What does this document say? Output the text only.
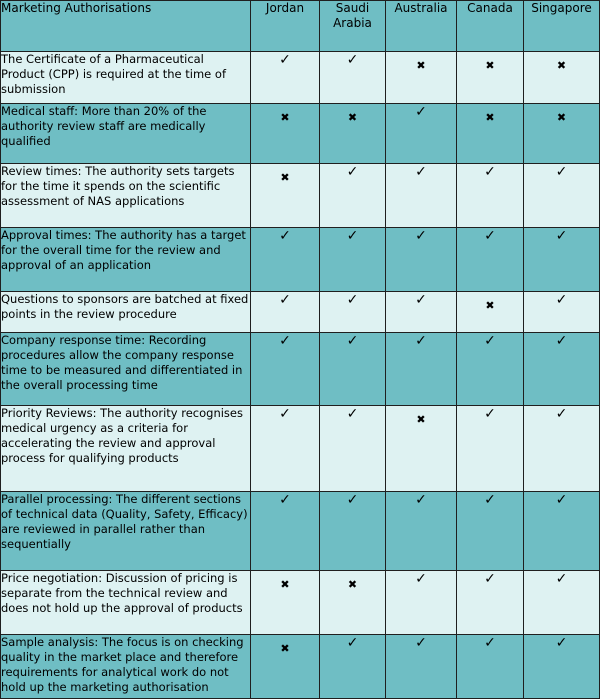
Marketing Authorisations	Jordan	Saudi Arabia	Australia	Canada	Singapore
The Certificate of a Pharmaceutical Product (CPP) is required at the time of submission	✓	✓	✖	✖	✖
Medical staff: More than 20% of the authority review staff are medically qualified	✖	✖	✓	✖	✖
Review times: The authority sets targets for the time it spends on the scientific assessment of NAS applications	✖	✓	✓	✓	✓
Approval times: The authority has a target for the overall time for the review and approval of an application	✓	✓	✓	✓	✓
Questions to sponsors are batched at fixed points in the review procedure	✓	✓	✓	✖	✓
Company response time: Recording procedures allow the company response time to be measured and differentiated in the overall processing time	✓	✓	✓	✓	✓
Priority Reviews: The authority recognises medical urgency as a criteria for accelerating the review and approval process for qualifying products	✓	✓	✖	✓	✓
Parallel processing: The different sections of technical data (Quality, Safety, Efficacy) are reviewed in parallel rather than sequentially	✓	✓	✓	✓	✓
Price negotiation: Discussion of pricing is separate from the technical review and does not hold up the approval of products	✖	✖	✓	✓	✓
Sample analysis: The focus is on checking quality in the market place and therefore requirements for analytical work do not hold up the marketing authorisation	✖	✓	✓	✓	✓
